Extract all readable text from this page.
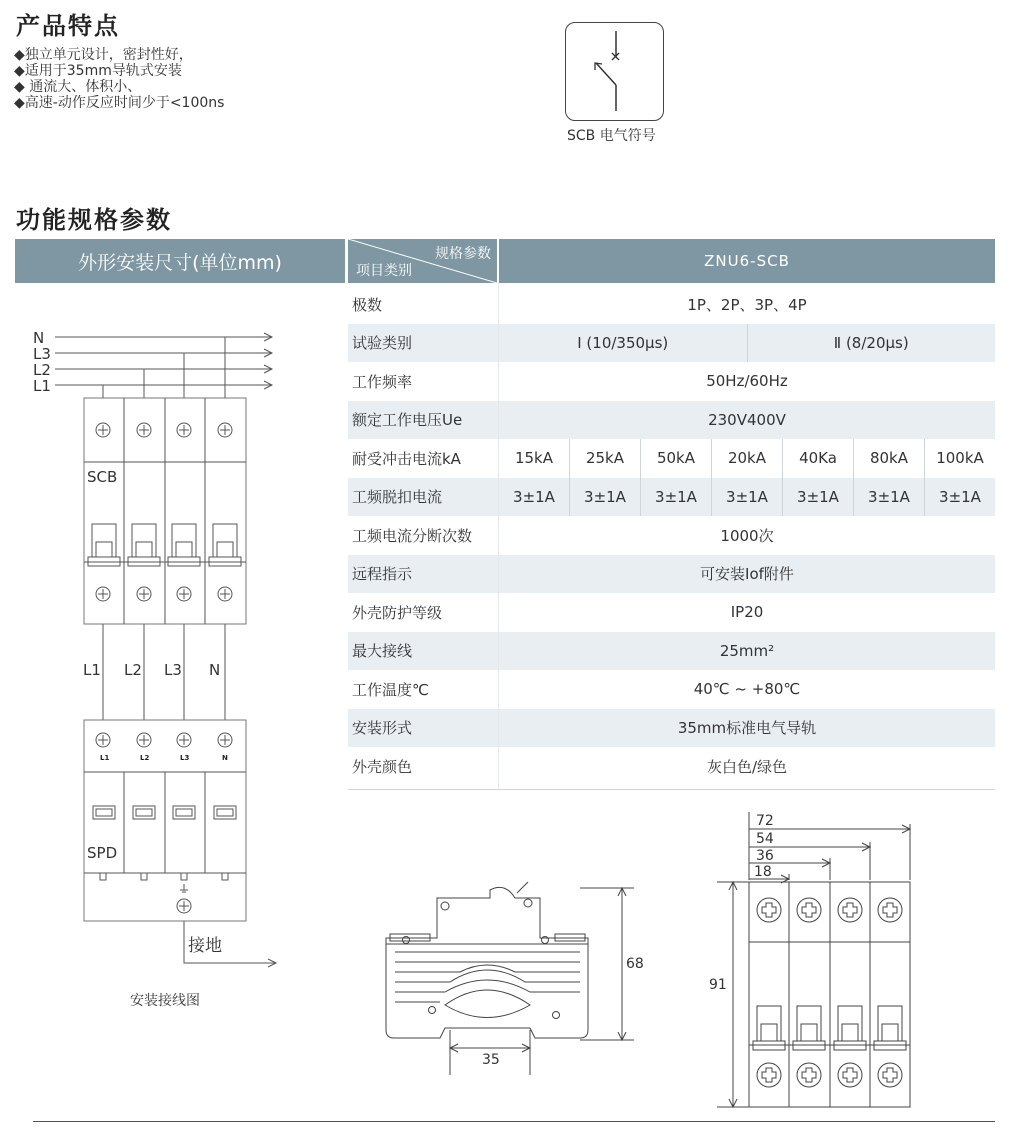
产品特点
◆独立单元设计，密封性好，
◆适用于35mm导轨式安装
◆ 通流大、体积小、
◆高速-动作反应时间少于<100ns
SCB 电气符号
功能规格参数
外形安装尺寸(单位mm)	规格参数
项目类别
ZNU6-SCB
极数	1P、2P、3P、4P
试验类别	Ⅰ (10/350µs)	Ⅱ (8/20µs)
工作频率	50Hz/60Hz
额定工作电压Ue	230V400V
耐受冲击电流kA	15kA	25kA	50kA	20kA	40Ka	80kA	100kA
工频脱扣电流	3±1A	3±1A	3±1A	3±1A	3±1A	3±1A	3±1A
工频电流分断次数	1000次
远程指示	可安装Iof附件
外壳防护等级	IP20
最大接线	25mm²
工作温度℃	40℃ ~ +80℃
安装形式	35mm标准电气导轨
外壳颜色	灰白色/绿色
N
L3
L2
L1
SCB
L1 L2 L3 N
SPD
接地
L1	L2	L3	N
安装接线图
68
35
72
54
36
18
91
